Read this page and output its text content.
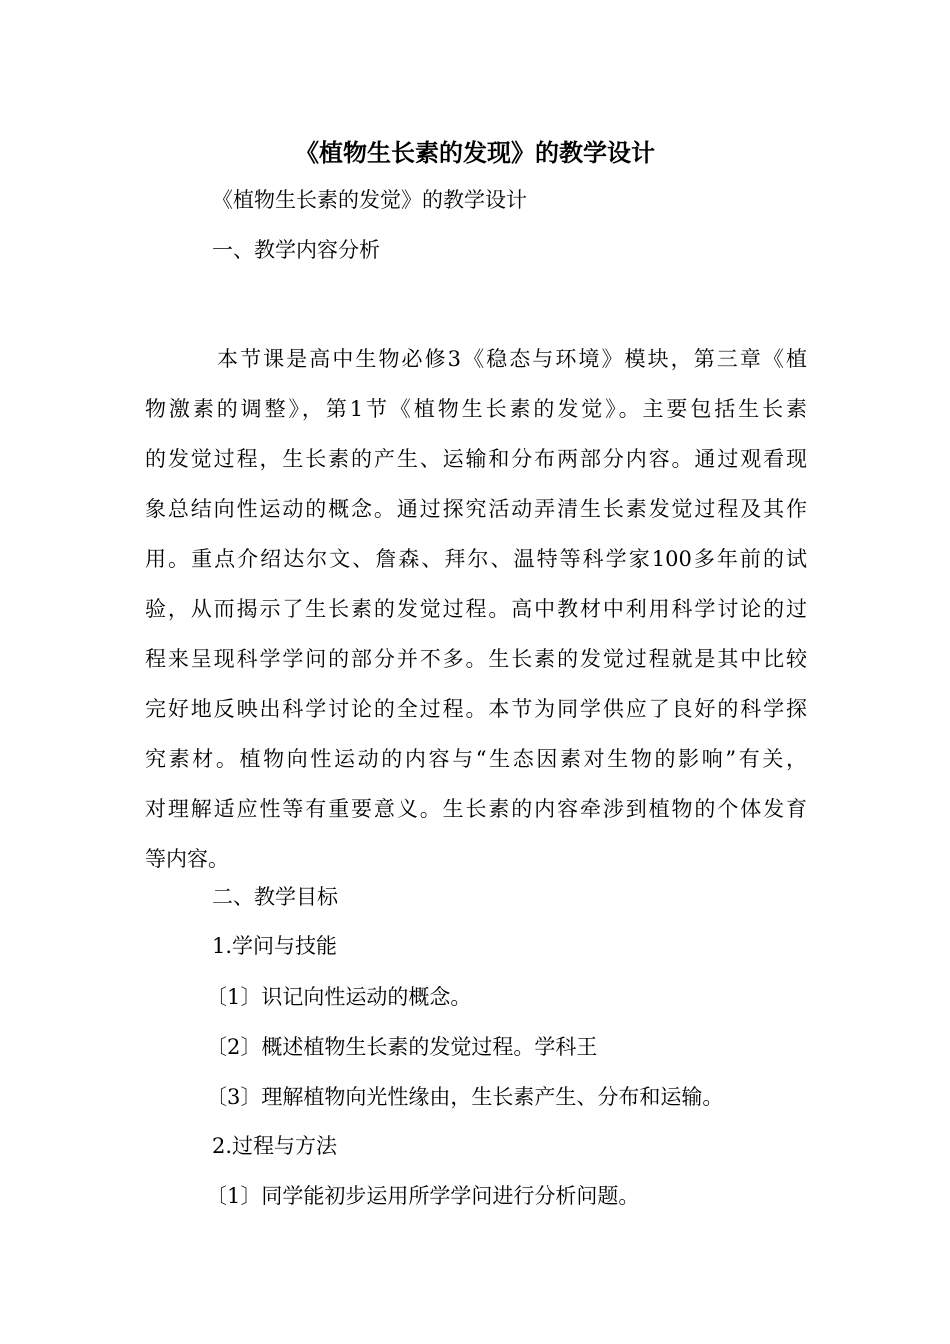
《植物生长素的发现》的教学设计

《植物生长素的发觉》的教学设计

一、教学内容分析

本节课是高中生物必修3《稳态与环境》模块，第三章《植
物激素的调整》，第1节《植物生长素的发觉》。主要包括生长素
的发觉过程，生长素的产生、运输和分布两部分内容。通过观看现
象总结向性运动的概念。通过探究活动弄清生长素发觉过程及其作
用。重点介绍达尔文、詹森、拜尔、温特等科学家100多年前的试
验，从而揭示了生长素的发觉过程。高中教材中利用科学讨论的过
程来呈现科学学问的部分并不多。生长素的发觉过程就是其中比较
完好地反映出科学讨论的全过程。本节为同学供应了良好的科学探
究素材。植物向性运动的内容与“生态因素对生物的影响”有关，
对理解适应性等有重要意义。生长素的内容牵涉到植物的个体发育
等内容。

二、教学目标

1.学问与技能

〔1〕识记向性运动的概念。

〔2〕概述植物生长素的发觉过程。学科王

〔3〕理解植物向光性缘由，生长素产生、分布和运输。

2.过程与方法

〔1〕同学能初步运用所学学问进行分析问题。
